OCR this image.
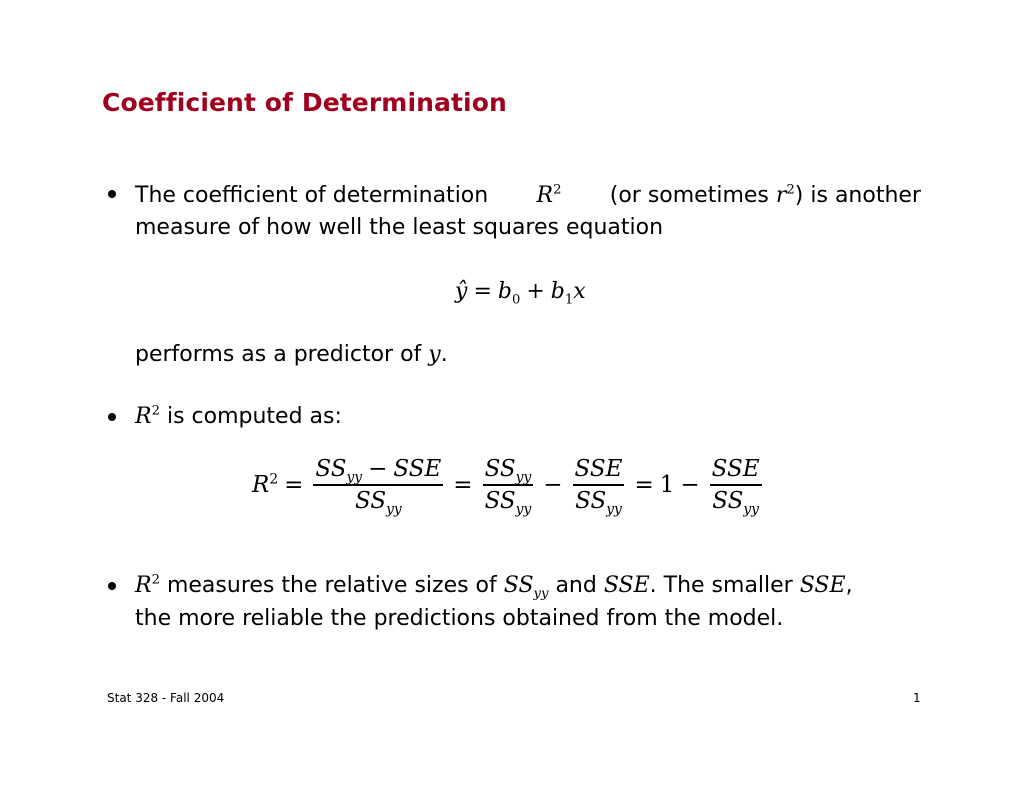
Coefficient of Determination
The coefficient of determination $R^2$ (or sometimes $r^2$) is another
measure of how well the least squares equation
ŷ = $b_0 + b_1x$
performs as a predictor of y.
$R^2$ is computed as:
$R^2 = \frac{SS_{yy} - SSE}{SS_{yy}} = \frac{SS_{yy}}{SS_{yy}} - \frac{\text{SSE}}{SS_{yy}} = 1 - \frac{\text{SSE}}{SS_{yy}}$
$R^2$ measures the relative sizes of $SS_{yy}$ and SSE. The smaller SSE,
the more reliable the predictions obtained from the model.
Stat 328 - Fall 2004	1
